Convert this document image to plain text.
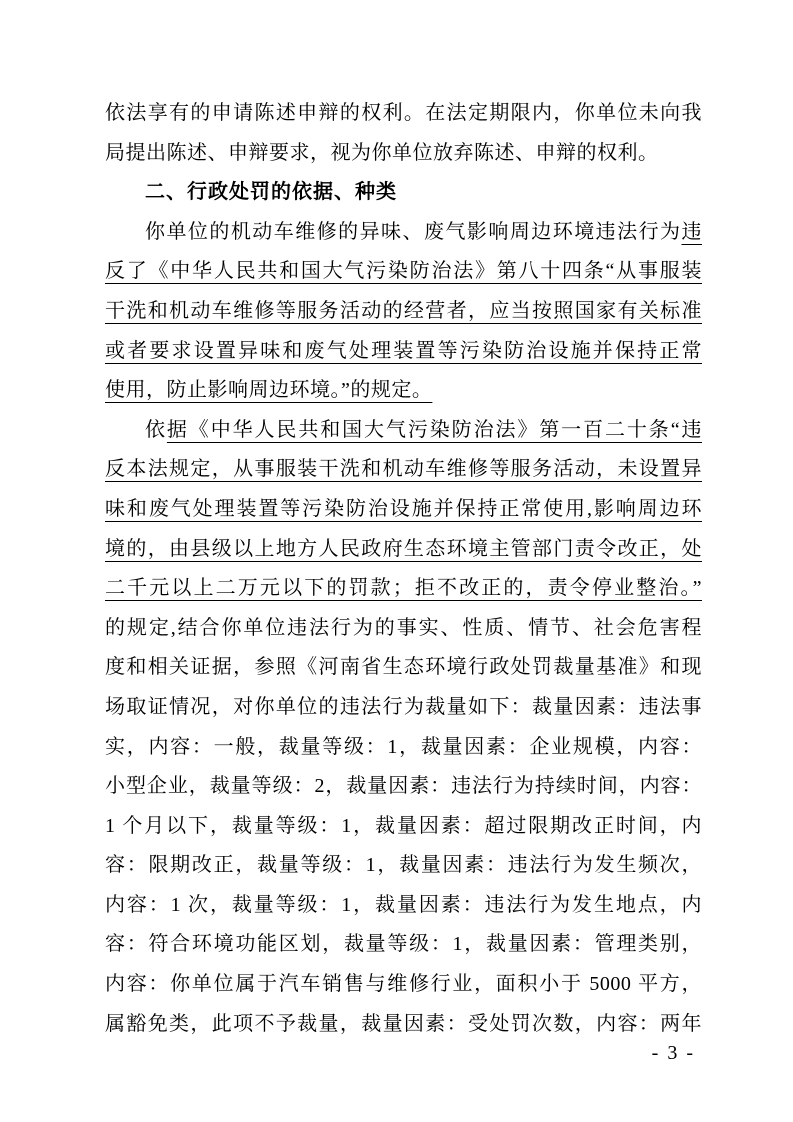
依法享有的申请陈述申辩的权利。在法定期限内，你单位未向我
局提出陈述、申辩要求，视为你单位放弃陈述、申辩的权利。
二、行政处罚的依据、种类
你单位的机动车维修的异味、废气影响周边环境违法行为违
反了《中华人民共和国大气污染防治法》第八十四条“从事服装
干洗和机动车维修等服务活动的经营者，应当按照国家有关标准
或者要求设置异味和废气处理装置等污染防治设施并保持正常
使用，防止影响周边环境。”的规定。
依据《中华人民共和国大气污染防治法》第一百二十条“违
反本法规定，从事服装干洗和机动车维修等服务活动，未设置异
味和废气处理装置等污染防治设施并保持正常使用,影响周边环
境的，由县级以上地方人民政府生态环境主管部门责令改正，处
二千元以上二万元以下的罚款；拒不改正的，责令停业整治。”
的规定,结合你单位违法行为的事实、性质、情节、社会危害程
度和相关证据，参照《河南省生态环境行政处罚裁量基准》和现
场取证情况，对你单位的违法行为裁量如下：裁量因素：违法事
实，内容：一般，裁量等级：1，裁量因素：企业规模，内容：
小型企业，裁量等级：2，裁量因素：违法行为持续时间，内容：
1 个月以下，裁量等级：1，裁量因素：超过限期改正时间，内
容：限期改正，裁量等级：1，裁量因素：违法行为发生频次，
内容：1 次，裁量等级：1，裁量因素：违法行为发生地点，内
容：符合环境功能区划，裁量等级：1，裁量因素：管理类别，
内容：你单位属于汽车销售与维修行业，面积小于 5000 平方，
属豁免类，此项不予裁量，裁量因素：受处罚次数，内容：两年
- 3 -
